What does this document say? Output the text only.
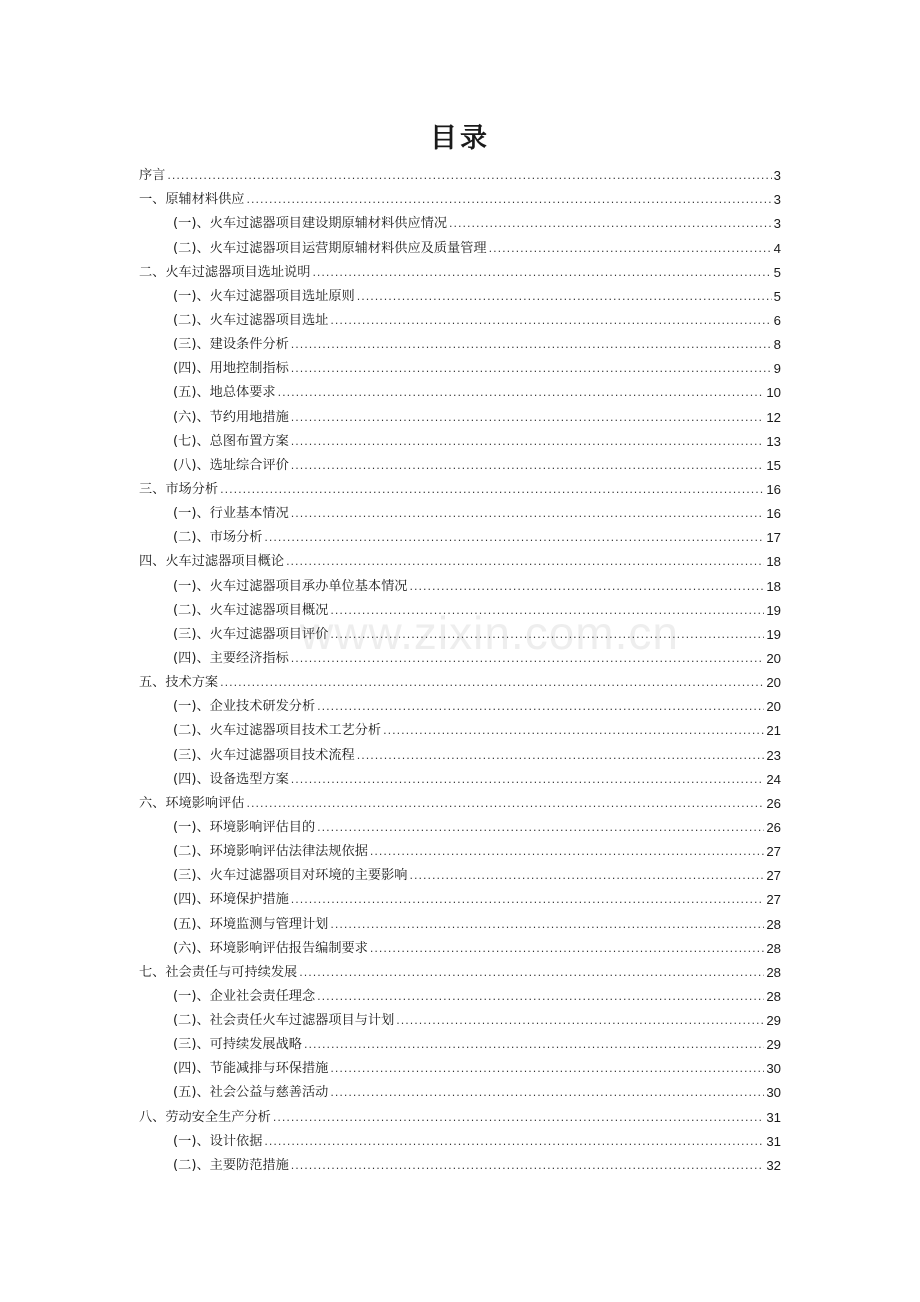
目录
序言 .....	3
一、原辅材料供应 .....	3
(一)、火车过滤器项目建设期原辅材料供应情况 .....	3
(二)、火车过滤器项目运营期原辅材料供应及质量管理 .....	4
二、火车过滤器项目选址说明 .....	5
(一)、火车过滤器项目选址原则 .....	5
(二)、火车过滤器项目选址 .....	6
(三)、建设条件分析 .....	8
(四)、用地控制指标 .....	9
(五)、地总体要求 .....	10
(六)、节约用地措施 .....	12
(七)、总图布置方案 .....	13
(八)、选址综合评价 .....	15
三、市场分析 .....	16
(一)、行业基本情况 .....	16
(二)、市场分析 .....	17
四、火车过滤器项目概论 .....	18
(一)、火车过滤器项目承办单位基本情况 .....	18
(二)、火车过滤器项目概况 .....	19
(三)、火车过滤器项目评价 .....	19
(四)、主要经济指标 .....	20
五、技术方案 .....	20
(一)、企业技术研发分析 .....	20
(二)、火车过滤器项目技术工艺分析 .....	21
(三)、火车过滤器项目技术流程 .....	23
(四)、设备选型方案 .....	24
六、环境影响评估 .....	26
(一)、环境影响评估目的 .....	26
(二)、环境影响评估法律法规依据 .....	27
(三)、火车过滤器项目对环境的主要影响 .....	27
(四)、环境保护措施 .....	27
(五)、环境监测与管理计划 .....	28
(六)、环境影响评估报告编制要求 .....	28
七、社会责任与可持续发展 .....	28
(一)、企业社会责任理念 .....	28
(二)、社会责任火车过滤器项目与计划 .....	29
(三)、可持续发展战略 .....	29
(四)、节能减排与环保措施 .....	30
(五)、社会公益与慈善活动 .....	30
八、劳动安全生产分析 .....	31
(一)、设计依据 .....	31
(二)、主要防范措施 .....	32
www.zixin.com.cn
